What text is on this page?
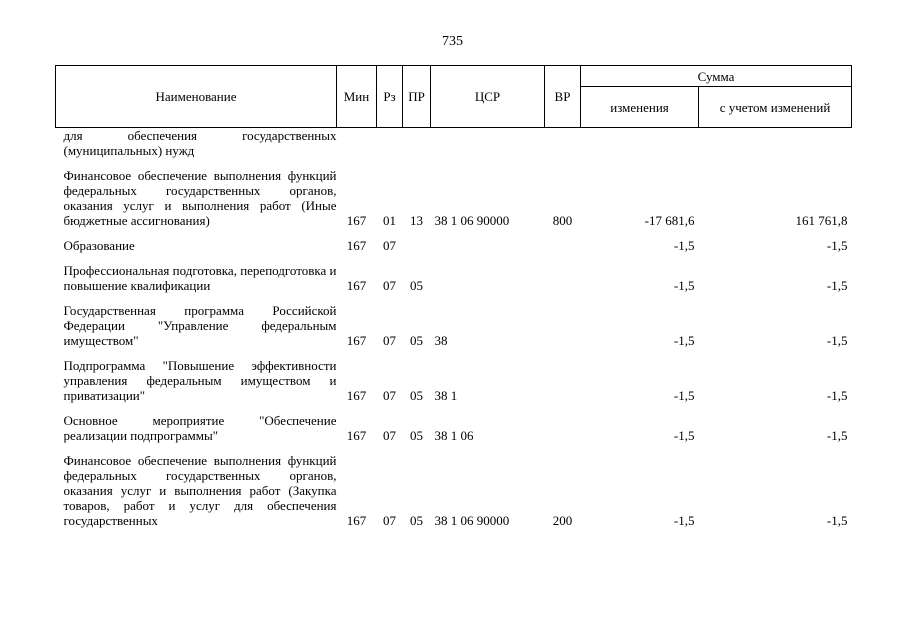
735
Наименование	Мин	Рз	ПР	ЦСР	ВР	Сумма	
						изменения	с учетом изменений
для обеспечения государственных (муниципальных) нужд							
Финансовое обеспечение выполнения функций федеральных государственных органов, оказания услуг и выполнения работ (Иные бюджетные ассигнования)	167	01	13	38 1 06 90000	800	-17 681,6	161 761,8
Образование	167	07				-1,5	-1,5
Профессиональная подготовка, переподготовка и повышение квалификации	167	07	05			-1,5	-1,5
Государственная программа Российской Федерации "Управление федеральным имуществом"	167	07	05	38		-1,5	-1,5
Подпрограмма "Повышение эффективности управления федеральным имуществом и приватизации"	167	07	05	38 1		-1,5	-1,5
Основное мероприятие "Обеспечение реализации подпрограммы"	167	07	05	38 1 06		-1,5	-1,5
Финансовое обеспечение выполнения функций федеральных государственных органов, оказания услуг и выполнения работ (Закупка товаров, работ и услуг для обеспечения государственных	167	07	05	38 1 06 90000	200	-1,5	-1,5
